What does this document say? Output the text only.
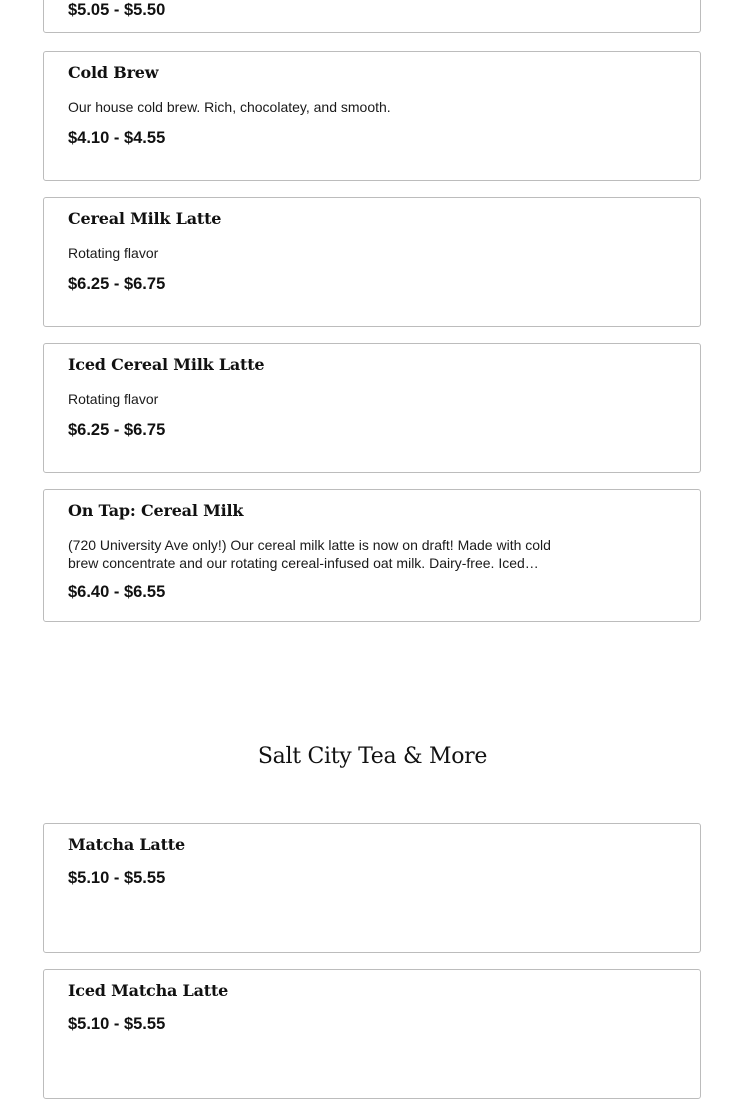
$5.05 - $5.50
Cold Brew
Our house cold brew. Rich, chocolatey, and smooth.
$4.10 - $4.55
Cereal Milk Latte
Rotating flavor
$6.25 - $6.75
Iced Cereal Milk Latte
Rotating flavor
$6.25 - $6.75
On Tap: Cereal Milk
(720 University Ave only!) Our cereal milk latte is now on draft! Made with cold brew concentrate and our rotating cereal-infused oat milk. Dairy-free. Iced…
$6.40 - $6.55
Salt City Tea & More
Matcha Latte
$5.10 - $5.55
Iced Matcha Latte
$5.10 - $5.55
